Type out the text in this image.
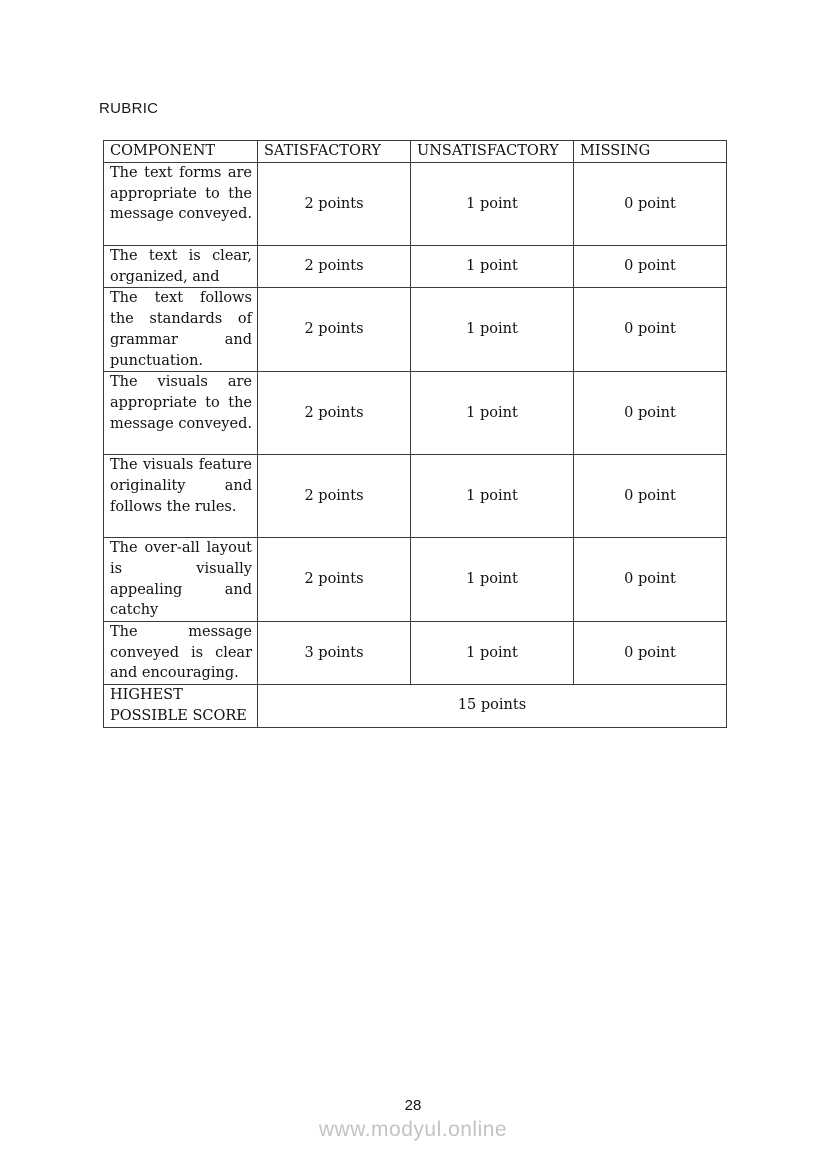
RUBRIC
COMPONENT	SATISFACTORY	UNSATISFACTORY	MISSING
The text forms are appropriate to the message conveyed.	2 points	1 point	0 point
The text is clear, organized, and	2 points	1 point	0 point
The text follows the standards of grammar and punctuation.	2 points	1 point	0 point
The visuals are appropriate to the message conveyed.	2 points	1 point	0 point
The visuals feature originality and follows the rules.	2 points	1 point	0 point
The over-all layout is visually appealing and catchy	2 points	1 point	0 point
The message conveyed is clear and encouraging.	3 points	1 point	0 point
HIGHEST POSSIBLE SCORE	15 points		
28
www.modyul.online
